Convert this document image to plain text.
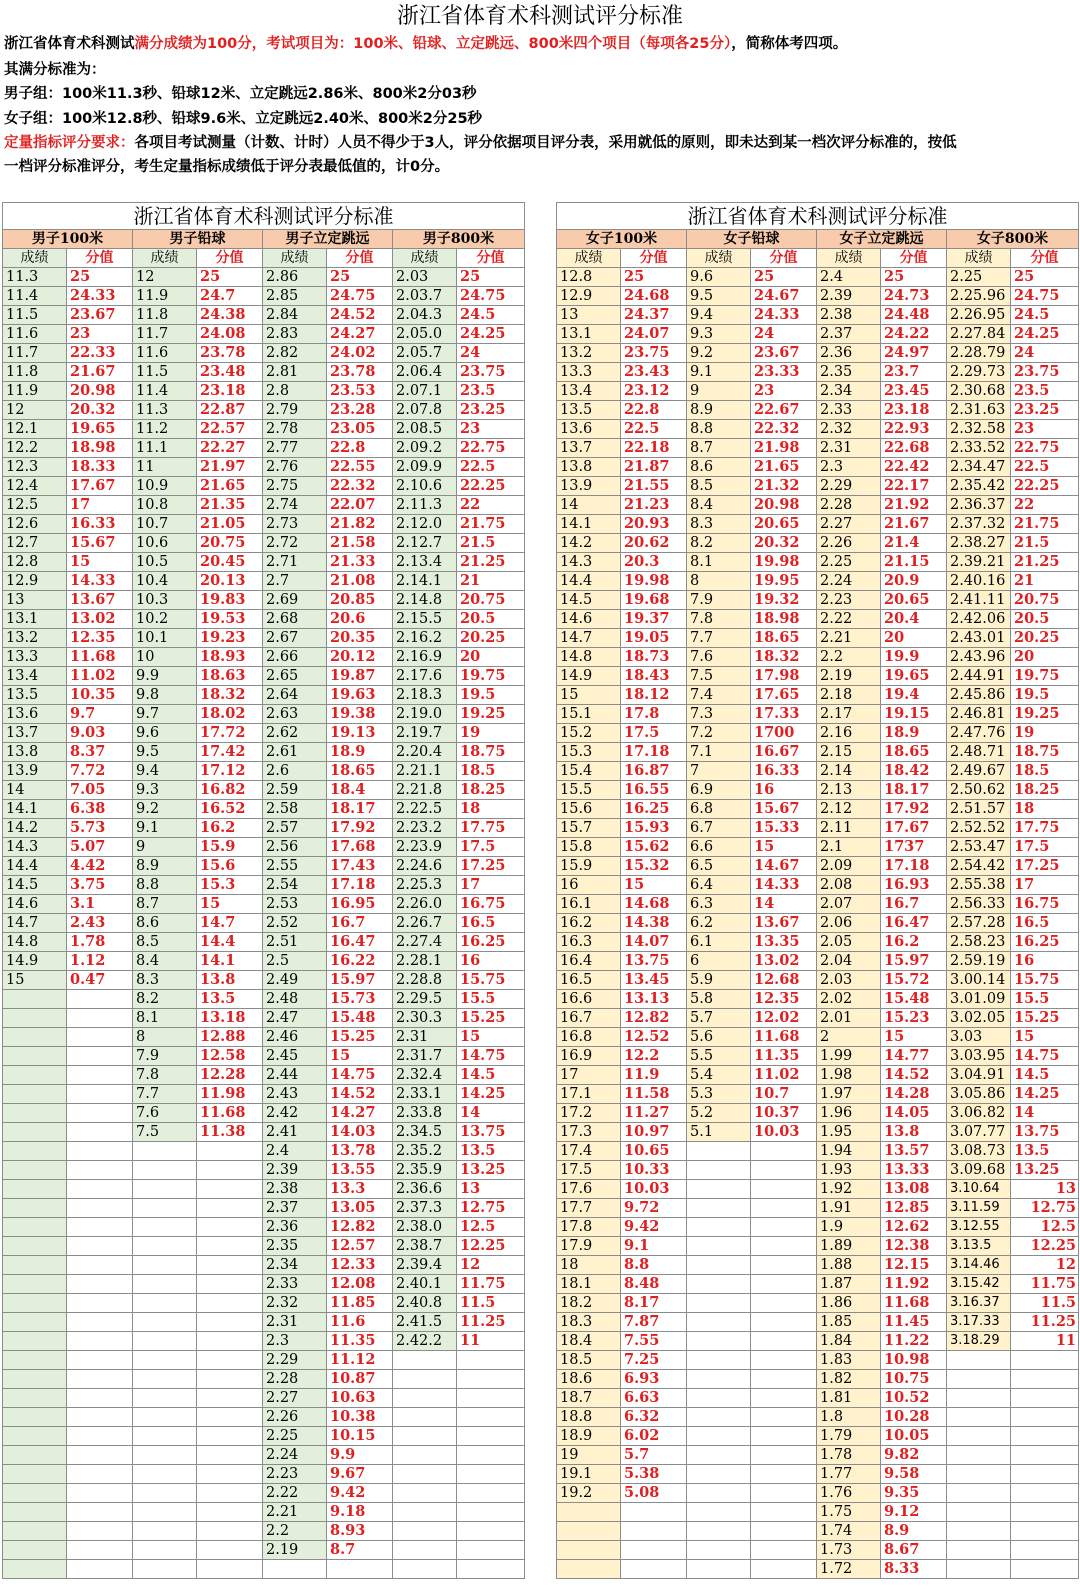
浙江省体育术科测试评分标准
浙江省体育术科测试满分成绩为100分，考试项目为：100米、铅球、立定跳远、800米四个项目（每项各25分），简称体考四项。
其满分标准为：
男子组：100米11.3秒、铅球12米、立定跳远2.86米、800米2分03秒
女子组：100米12.8秒、铅球9.6米、立定跳远2.40米、800米2分25秒
定量指标评分要求：各项目考试测量（计数、计时）人员不得少于3人，评分依据项目评分表，采用就低的原则，即未达到某一档次评分标准的，按低
一档评分标准评分，考生定量指标成绩低于评分表最低值的，计0分。
浙江省体育术科测试评分标准							
男子100米		男子铅球		男子立定跳远		男子800米	
成绩	分值	成绩	分值	成绩	分值	成绩	分值
11.3	25	12	25	2.86	25	2.03	25
11.4	24.33	11.9	24.7	2.85	24.75	2.03.7	24.75
11.5	23.67	11.8	24.38	2.84	24.52	2.04.3	24.5
11.6	23	11.7	24.08	2.83	24.27	2.05.0	24.25
11.7	22.33	11.6	23.78	2.82	24.02	2.05.7	24
11.8	21.67	11.5	23.48	2.81	23.78	2.06.4	23.75
11.9	20.98	11.4	23.18	2.8	23.53	2.07.1	23.5
12	20.32	11.3	22.87	2.79	23.28	2.07.8	23.25
12.1	19.65	11.2	22.57	2.78	23.05	2.08.5	23
12.2	18.98	11.1	22.27	2.77	22.8	2.09.2	22.75
12.3	18.33	11	21.97	2.76	22.55	2.09.9	22.5
12.4	17.67	10.9	21.65	2.75	22.32	2.10.6	22.25
12.5	17	10.8	21.35	2.74	22.07	2.11.3	22
12.6	16.33	10.7	21.05	2.73	21.82	2.12.0	21.75
12.7	15.67	10.6	20.75	2.72	21.58	2.12.7	21.5
12.8	15	10.5	20.45	2.71	21.33	2.13.4	21.25
12.9	14.33	10.4	20.13	2.7	21.08	2.14.1	21
13	13.67	10.3	19.83	2.69	20.85	2.14.8	20.75
13.1	13.02	10.2	19.53	2.68	20.6	2.15.5	20.5
13.2	12.35	10.1	19.23	2.67	20.35	2.16.2	20.25
13.3	11.68	10	18.93	2.66	20.12	2.16.9	20
13.4	11.02	9.9	18.63	2.65	19.87	2.17.6	19.75
13.5	10.35	9.8	18.32	2.64	19.63	2.18.3	19.5
13.6	9.7	9.7	18.02	2.63	19.38	2.19.0	19.25
13.7	9.03	9.6	17.72	2.62	19.13	2.19.7	19
13.8	8.37	9.5	17.42	2.61	18.9	2.20.4	18.75
13.9	7.72	9.4	17.12	2.6	18.65	2.21.1	18.5
14	7.05	9.3	16.82	2.59	18.4	2.21.8	18.25
14.1	6.38	9.2	16.52	2.58	18.17	2.22.5	18
14.2	5.73	9.1	16.2	2.57	17.92	2.23.2	17.75
14.3	5.07	9	15.9	2.56	17.68	2.23.9	17.5
14.4	4.42	8.9	15.6	2.55	17.43	2.24.6	17.25
14.5	3.75	8.8	15.3	2.54	17.18	2.25.3	17
14.6	3.1	8.7	15	2.53	16.95	2.26.0	16.75
14.7	2.43	8.6	14.7	2.52	16.7	2.26.7	16.5
14.8	1.78	8.5	14.4	2.51	16.47	2.27.4	16.25
14.9	1.12	8.4	14.1	2.5	16.22	2.28.1	16
15	0.47	8.3	13.8	2.49	15.97	2.28.8	15.75
		8.2	13.5	2.48	15.73	2.29.5	15.5
		8.1	13.18	2.47	15.48	2.30.3	15.25
		8	12.88	2.46	15.25	2.31	15
		7.9	12.58	2.45	15	2.31.7	14.75
		7.8	12.28	2.44	14.75	2.32.4	14.5
		7.7	11.98	2.43	14.52	2.33.1	14.25
		7.6	11.68	2.42	14.27	2.33.8	14
		7.5	11.38	2.41	14.03	2.34.5	13.75
				2.4	13.78	2.35.2	13.5
				2.39	13.55	2.35.9	13.25
				2.38	13.3	2.36.6	13
				2.37	13.05	2.37.3	12.75
				2.36	12.82	2.38.0	12.5
				2.35	12.57	2.38.7	12.25
				2.34	12.33	2.39.4	12
				2.33	12.08	2.40.1	11.75
				2.32	11.85	2.40.8	11.5
				2.31	11.6	2.41.5	11.25
				2.3	11.35	2.42.2	11
				2.29	11.12		
				2.28	10.87		
				2.27	10.63		
				2.26	10.38		
				2.25	10.15		
				2.24	9.9		
				2.23	9.67		
				2.22	9.42		
				2.21	9.18		
				2.2	8.93		
				2.19	8.7		

浙江省体育术科测试评分标准							
女子100米		女子铅球		女子立定跳远		女子800米	
成绩	分值	成绩	分值	成绩	分值	成绩	分值
12.8	25	9.6	25	2.4	25	2.25	25
12.9	24.68	9.5	24.67	2.39	24.73	2.25.96	24.75
13	24.37	9.4	24.33	2.38	24.48	2.26.95	24.5
13.1	24.07	9.3	24	2.37	24.22	2.27.84	24.25
13.2	23.75	9.2	23.67	2.36	24.97	2.28.79	24
13.3	23.43	9.1	23.33	2.35	23.7	2.29.73	23.75
13.4	23.12	9	23	2.34	23.45	2.30.68	23.5
13.5	22.8	8.9	22.67	2.33	23.18	2.31.63	23.25
13.6	22.5	8.8	22.32	2.32	22.93	2.32.58	23
13.7	22.18	8.7	21.98	2.31	22.68	2.33.52	22.75
13.8	21.87	8.6	21.65	2.3	22.42	2.34.47	22.5
13.9	21.55	8.5	21.32	2.29	22.17	2.35.42	22.25
14	21.23	8.4	20.98	2.28	21.92	2.36.37	22
14.1	20.93	8.3	20.65	2.27	21.67	2.37.32	21.75
14.2	20.62	8.2	20.32	2.26	21.4	2.38.27	21.5
14.3	20.3	8.1	19.98	2.25	21.15	2.39.21	21.25
14.4	19.98	8	19.95	2.24	20.9	2.40.16	21
14.5	19.68	7.9	19.32	2.23	20.65	2.41.11	20.75
14.6	19.37	7.8	18.98	2.22	20.4	2.42.06	20.5
14.7	19.05	7.7	18.65	2.21	20	2.43.01	20.25
14.8	18.73	7.6	18.32	2.2	19.9	2.43.96	20
14.9	18.43	7.5	17.98	2.19	19.65	2.44.91	19.75
15	18.12	7.4	17.65	2.18	19.4	2.45.86	19.5
15.1	17.8	7.3	17.33	2.17	19.15	2.46.81	19.25
15.2	17.5	7.2	1700	2.16	18.9	2.47.76	19
15.3	17.18	7.1	16.67	2.15	18.65	2.48.71	18.75
15.4	16.87	7	16.33	2.14	18.42	2.49.67	18.5
15.5	16.55	6.9	16	2.13	18.17	2.50.62	18.25
15.6	16.25	6.8	15.67	2.12	17.92	2.51.57	18
15.7	15.93	6.7	15.33	2.11	17.67	2.52.52	17.75
15.8	15.62	6.6	15	2.1	1737	2.53.47	17.5
15.9	15.32	6.5	14.67	2.09	17.18	2.54.42	17.25
16	15	6.4	14.33	2.08	16.93	2.55.38	17
16.1	14.68	6.3	14	2.07	16.7	2.56.33	16.75
16.2	14.38	6.2	13.67	2.06	16.47	2.57.28	16.5
16.3	14.07	6.1	13.35	2.05	16.2	2.58.23	16.25
16.4	13.75	6	13.02	2.04	15.97	2.59.19	16
16.5	13.45	5.9	12.68	2.03	15.72	3.00.14	15.75
16.6	13.13	5.8	12.35	2.02	15.48	3.01.09	15.5
16.7	12.82	5.7	12.02	2.01	15.23	3.02.05	15.25
16.8	12.52	5.6	11.68	2	15	3.03	15
16.9	12.2	5.5	11.35	1.99	14.77	3.03.95	14.75
17	11.9	5.4	11.02	1.98	14.52	3.04.91	14.5
17.1	11.58	5.3	10.7	1.97	14.28	3.05.86	14.25
17.2	11.27	5.2	10.37	1.96	14.05	3.06.82	14
17.3	10.97	5.1	10.03	1.95	13.8	3.07.77	13.75
17.4	10.65			1.94	13.57	3.08.73	13.5
17.5	10.33			1.93	13.33	3.09.68	13.25
17.6	10.03			1.92	13.08	3.10.64	13
17.7	9.72			1.91	12.85	3.11.59	12.75
17.8	9.42			1.9	12.62	3.12.55	12.5
17.9	9.1			1.89	12.38	3.13.5	12.25
18	8.8			1.88	12.15	3.14.46	12
18.1	8.48			1.87	11.92	3.15.42	11.75
18.2	8.17			1.86	11.68	3.16.37	11.5
18.3	7.87			1.85	11.45	3.17.33	11.25
18.4	7.55			1.84	11.22	3.18.29	11
18.5	7.25			1.83	10.98		
18.6	6.93			1.82	10.75		
18.7	6.63			1.81	10.52		
18.8	6.32			1.8	10.28		
18.9	6.02			1.79	10.05		
19	5.7			1.78	9.82		
19.1	5.38			1.77	9.58		
19.2	5.08			1.76	9.35		
				1.75	9.12		
				1.74	8.9		
				1.73	8.67		
				1.72	8.33		
